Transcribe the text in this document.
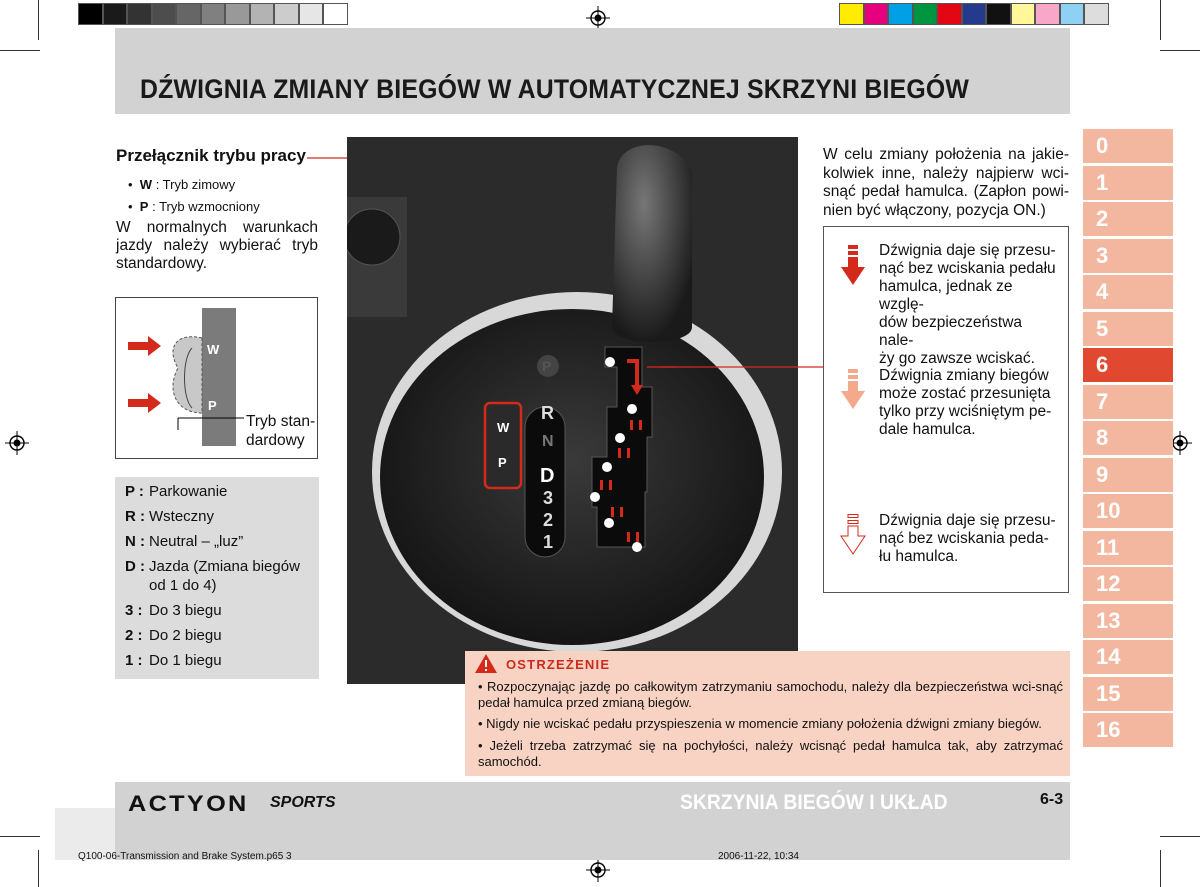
DŹWIGNIA ZMIANY BIEGÓW W AUTOMATYCZNEJ SKRZYNI BIEGÓW
Przełącznik trybu pracy
•  W : Tryb zimowy
•  P : Tryb wzmocniony
W normalnych warunkach jazdy należy wybierać tryb standardowy.
W
P
Tryb stan-
dardowy
P : Parkowanie
R : Wsteczny
N : Neutral – „luz”
D : Jazda (Zmiana biegów
od 1 do 4)
3 : Do 3 biegu
2 : Do 2 biegu
1 : Do 1 biegu
P
R
N
D
3
2
1
W
P
W celu zmiany położenia na jakie-kolwiek inne, należy najpierw wci-snąć pedał hamulca. (Zapłon powi-nien być włączony, pozycja ON.)
Dźwignia daje się przesu-
nąć bez wciskania pedału
hamulca, jednak ze wzglę-
dów bezpieczeństwa nale-
ży go zawsze wciskać.
Dźwignia zmiany biegów
może zostać przesunięta
tylko przy wciśniętym pe-
dale hamulca.
Dźwignia daje się przesu-
nąć bez wciskania peda-
łu hamulca.
OSTRZEŻENIE
• Rozpoczynając jazdę po całkowitym zatrzymaniu samochodu, należy dla bezpieczeństwa wci-snąć pedał hamulca przed zmianą biegów.
• Nigdy nie wciskać pedału przyspieszenia w momencie zmiany położenia dźwigni zmiany biegów.
• Jeżeli trzeba zatrzymać się na pochyłości, należy wcisnąć pedał hamulca tak, aby zatrzymać samochód.
0
1
2
3
4
5
6
7
8
9
10
11
12
13
14
15
16
ACTYON SPORTS	SKRZYNIA BIEGÓW I UKŁAD	6-3
Q100-06-Transmission and Brake System.p65 3	2006-11-22, 10:34
